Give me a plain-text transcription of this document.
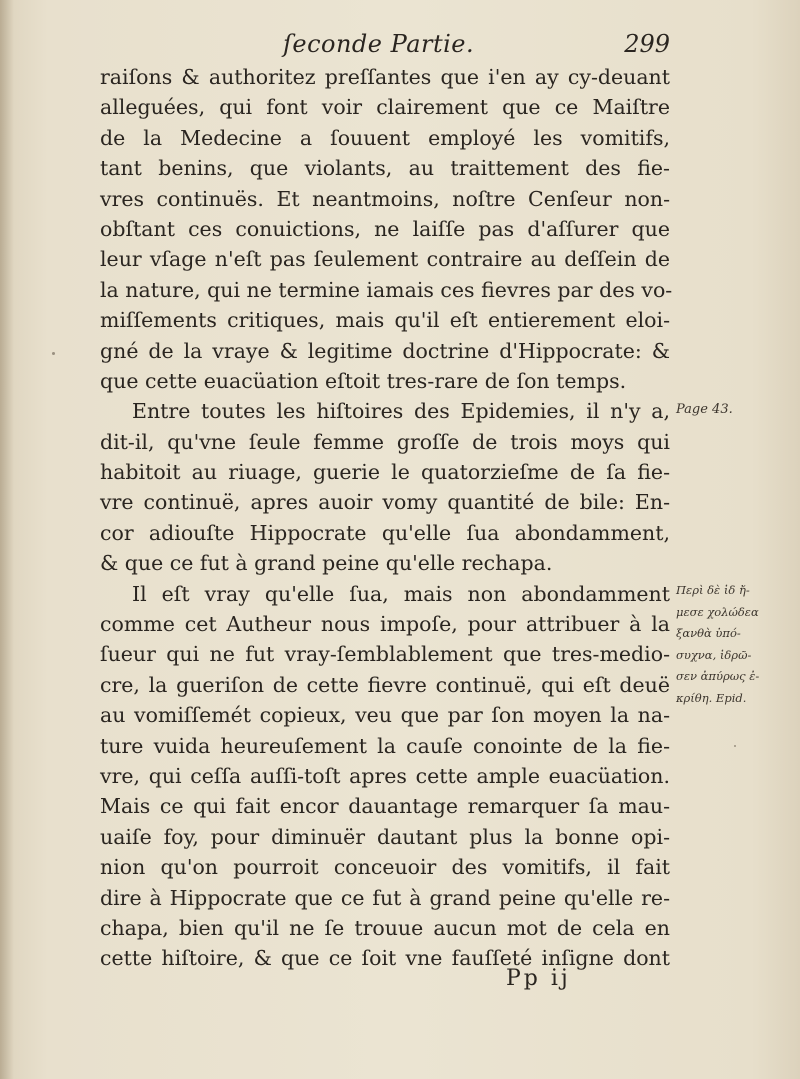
ſeconde Partie.	299
raiſons & authoritez preſſantes que i'en ay cy-deuant
alleguées, qui font voir clairement que ce Maiſtre
de la Medecine a ſouuent employé les vomitifs,
tant benins, que violants, au traittement des fie-
vres continuës. Et neantmoins, noſtre Cenſeur non-
obſtant ces conuictions, ne laiſſe pas d'aſſurer que
leur vſage n'eſt pas ſeulement contraire au deſſein de
la nature, qui ne termine iamais ces fievres par des vo-
miſſements critiques, mais qu'il eſt entierement eloi-
gné de la vraye & legitime doctrine d'Hippocrate: &
que cette euacüation eſtoit tres-rare de ſon temps.
Entre toutes les hiſtoires des Epidemies, il n'y a,
dit-il, qu'vne ſeule femme groſſe de trois moys qui
habitoit au riuage, guerie le quatorzieſme de ſa fie-
vre continuë, apres auoir vomy quantité de bile: En-
cor adiouſte Hippocrate qu'elle ſua abondamment,
& que ce fut à grand peine qu'elle rechapa.
Il eſt vray qu'elle ſua, mais non abondamment
comme cet Autheur nous impoſe, pour attribuer à la
ſueur qui ne fut vray-ſemblablement que tres-medio-
cre, la gueriſon de cette fievre continuë, qui eſt deuë
au vomiſſemét copieux, veu que par ſon moyen la na-
ture vuida heureuſement la cauſe conointe de la fie-
vre, qui ceſſa auſſi-toſt apres cette ample euacüation.
Mais ce qui fait encor dauantage remarquer ſa mau-
uaiſe foy, pour diminuër dautant plus la bonne opi-
nion qu'on pourroit conceuoir des vomitifs, il fait
dire à Hippocrate que ce fut à grand peine qu'elle re-
chapa, bien qu'il ne ſe trouue aucun mot de cela en
cette hiſtoire, & que ce ſoit vne fauſſeté inſigne dont
Page 43.
Περὶ δὲ ἱδ ἤ-
μεσε χολώδεα
ξανθὰ ὑπό-
συχνα, ἱδρῶ-
σεν ἀπύρως ἐ-
κρίθη. Epid.
Pp ij
